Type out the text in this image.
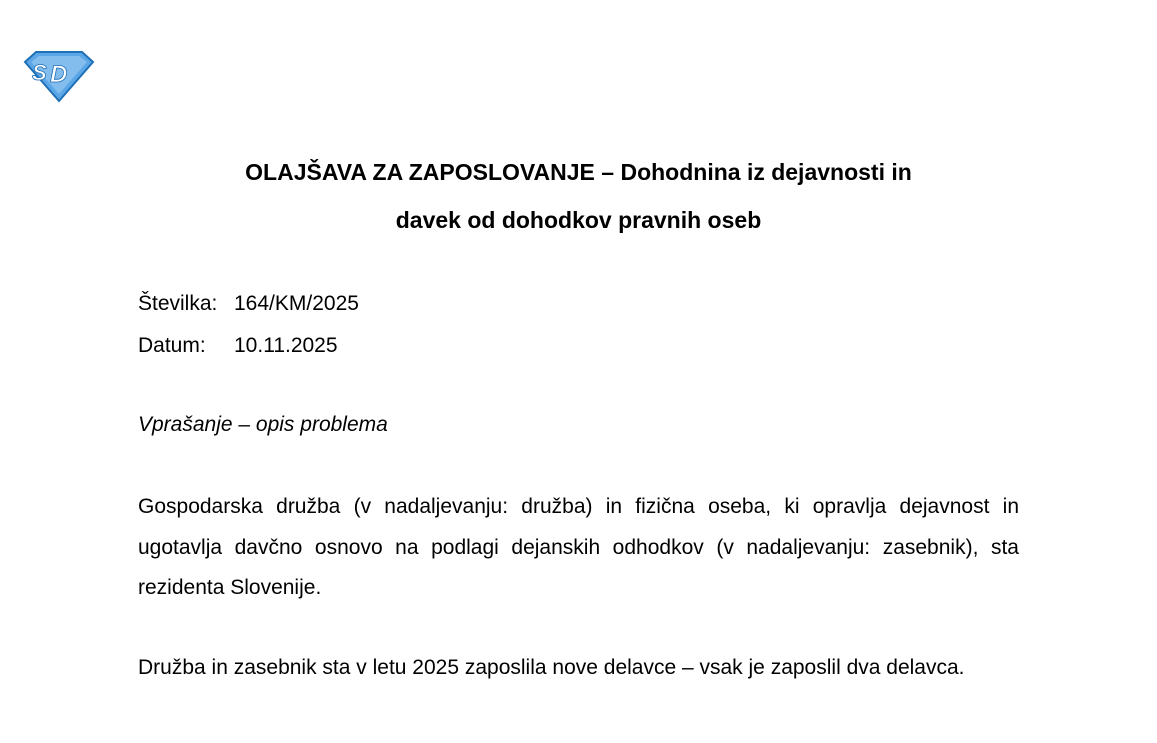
S D
OLAJŠAVA ZA ZAPOSLOVANJE – Dohodnina iz dejavnosti in
davek od dohodkov pravnih oseb
Številka: 164/KM/2025
Datum: 10.11.2025
Vprašanje – opis problema

Gospodarska družba (v nadaljevanju: družba) in fizična oseba, ki opravlja dejavnost in ugotavlja davčno osnovo na podlagi dejanskih odhodkov (v nadaljevanju: zasebnik), sta rezidenta Slovenije.

Družba in zasebnik sta v letu 2025 zaposlila nove delavce – vsak je zaposlil dva delavca.
